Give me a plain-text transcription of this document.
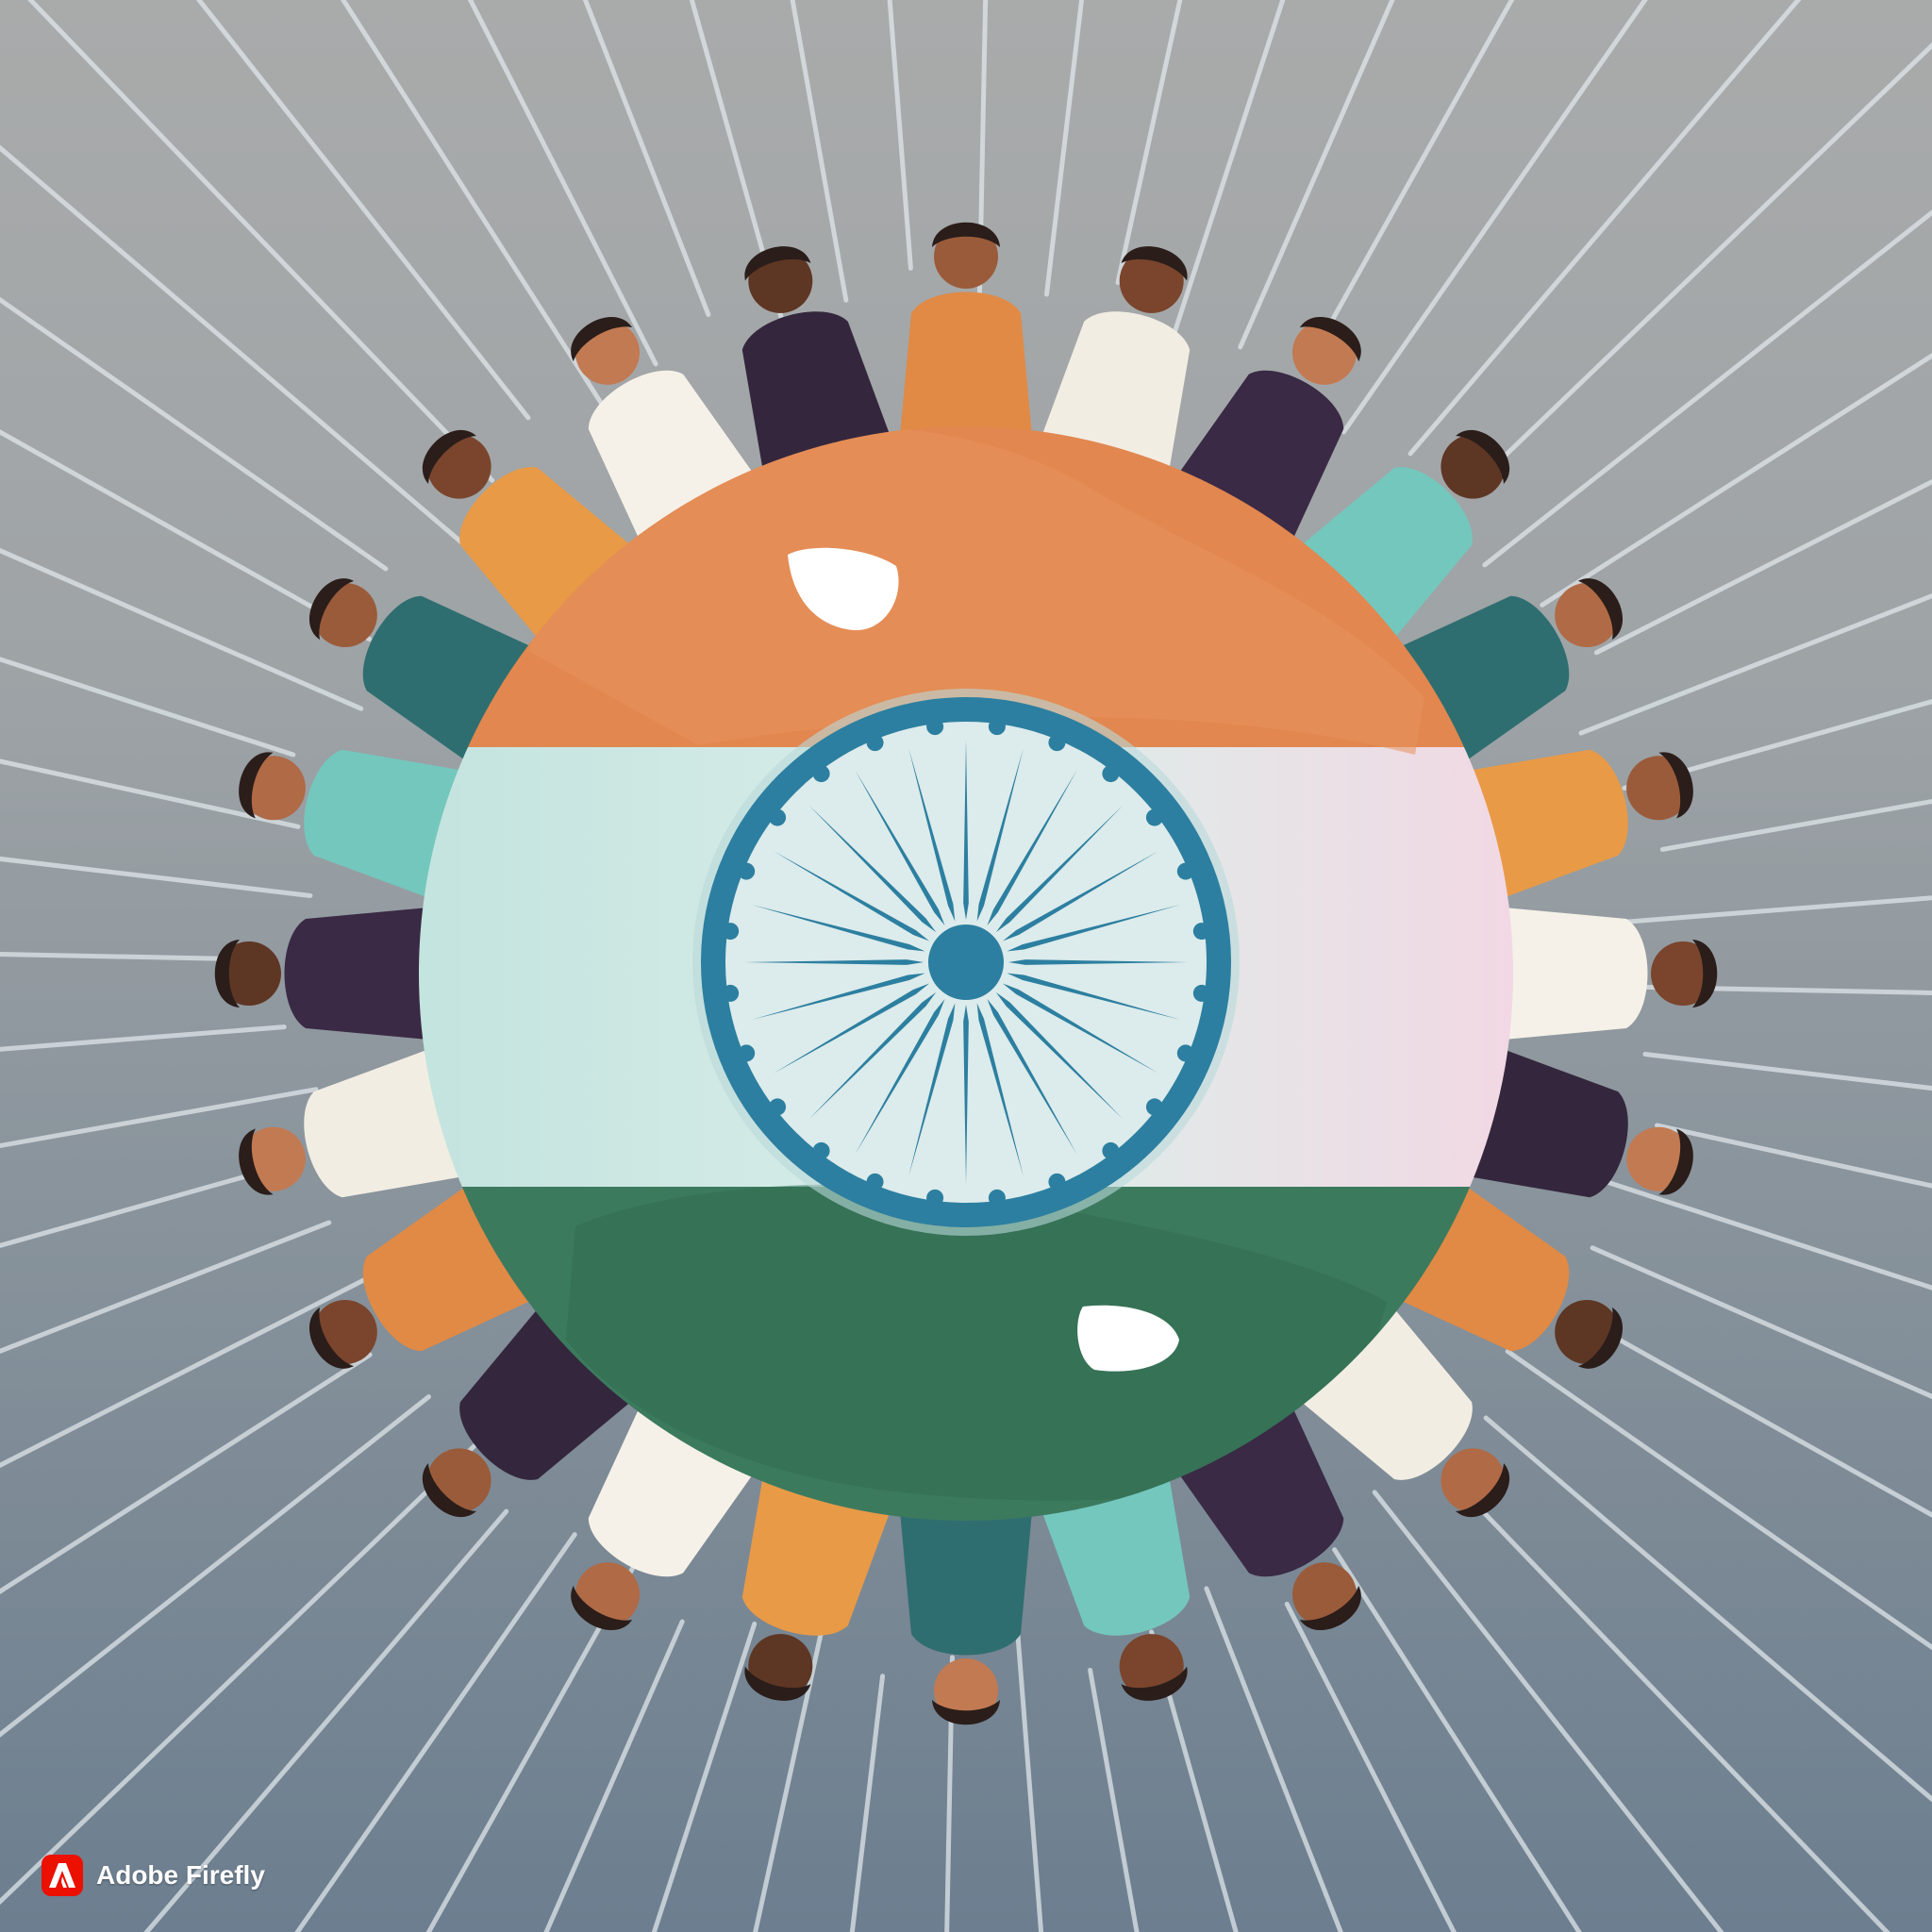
Adobe Firefly
